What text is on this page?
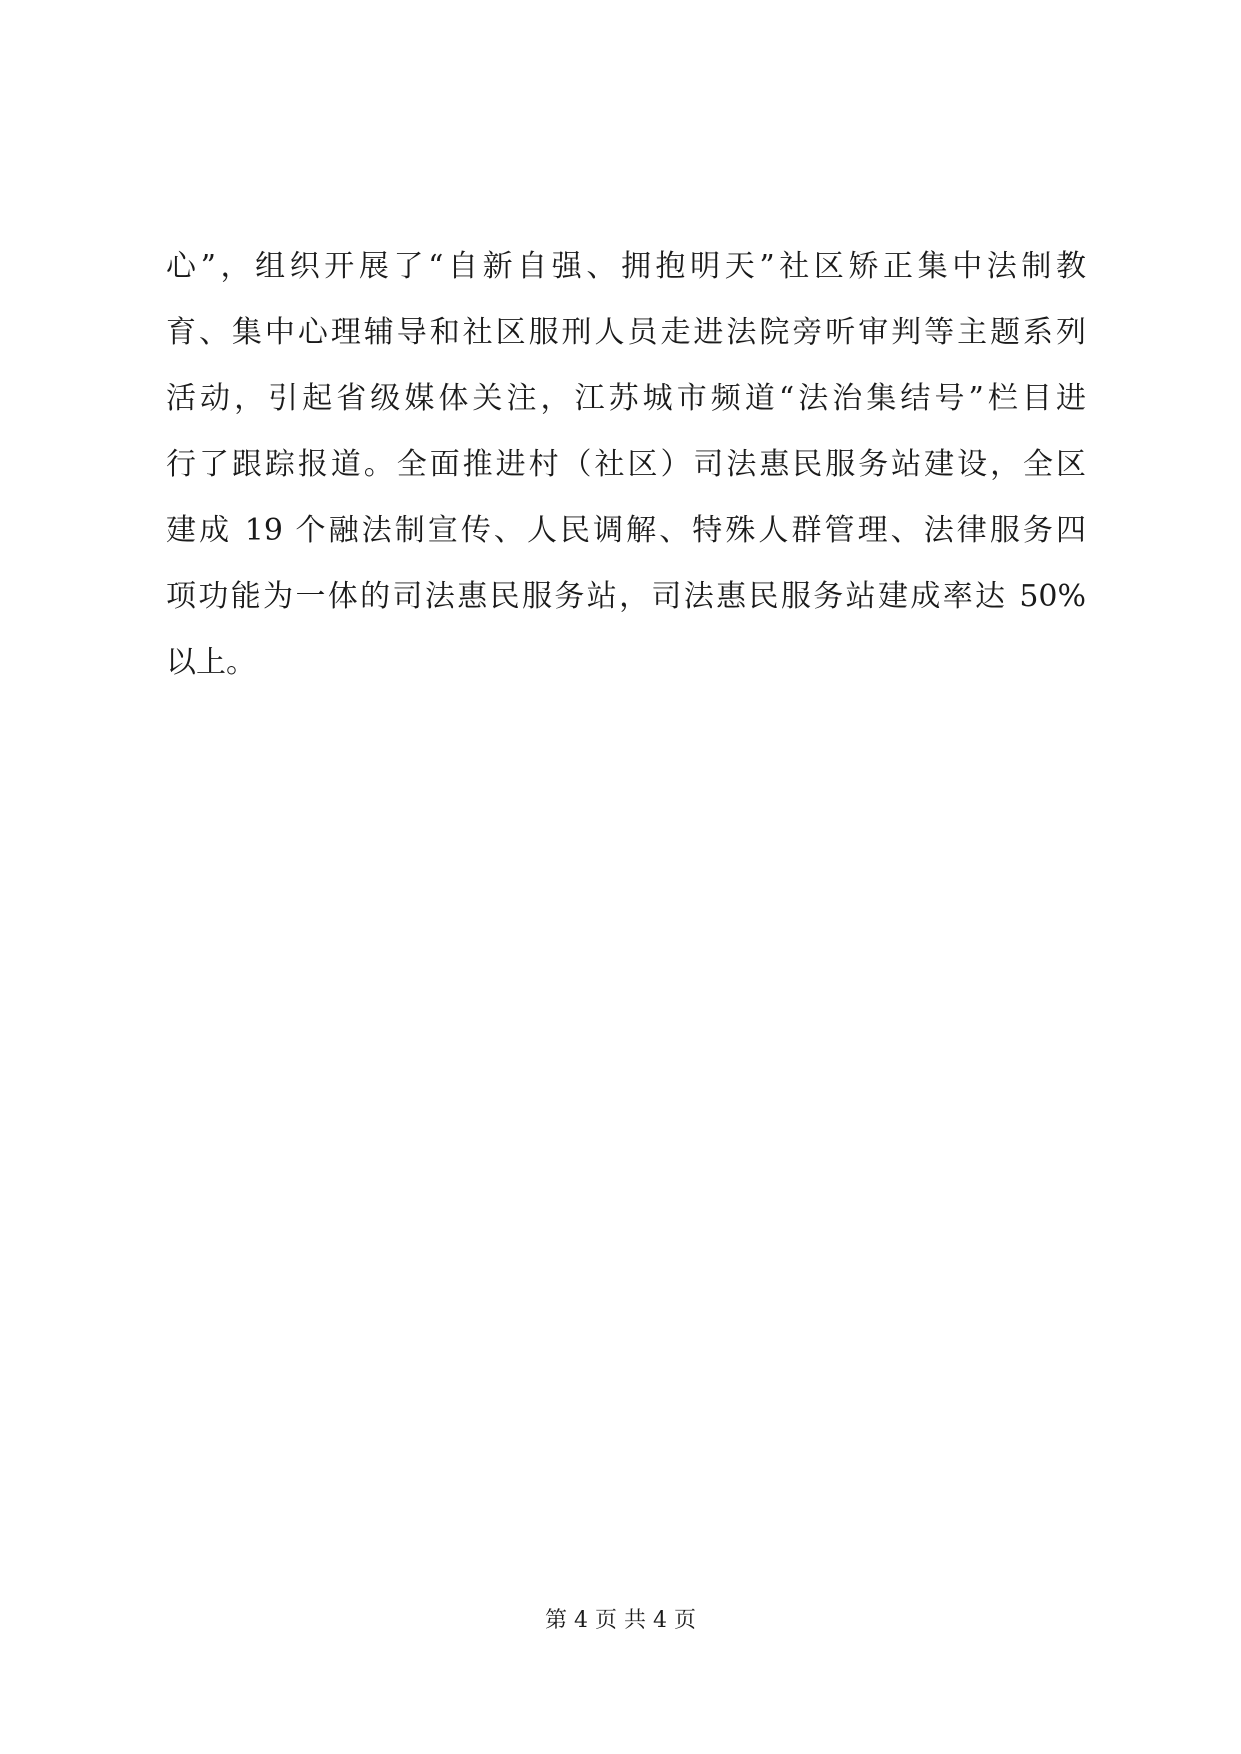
心”，组织开展了“自新自强、拥抱明天”社区矫正集中法制教
育、集中心理辅导和社区服刑人员走进法院旁听审判等主题系列
活动，引起省级媒体关注，江苏城市频道“法治集结号”栏目进
行了跟踪报道。全面推进村（社区）司法惠民服务站建设，全区
建成 19 个融法制宣传、人民调解、特殊人群管理、法律服务四
项功能为一体的司法惠民服务站，司法惠民服务站建成率达 50%
以上。
第 4 页 共 4 页
